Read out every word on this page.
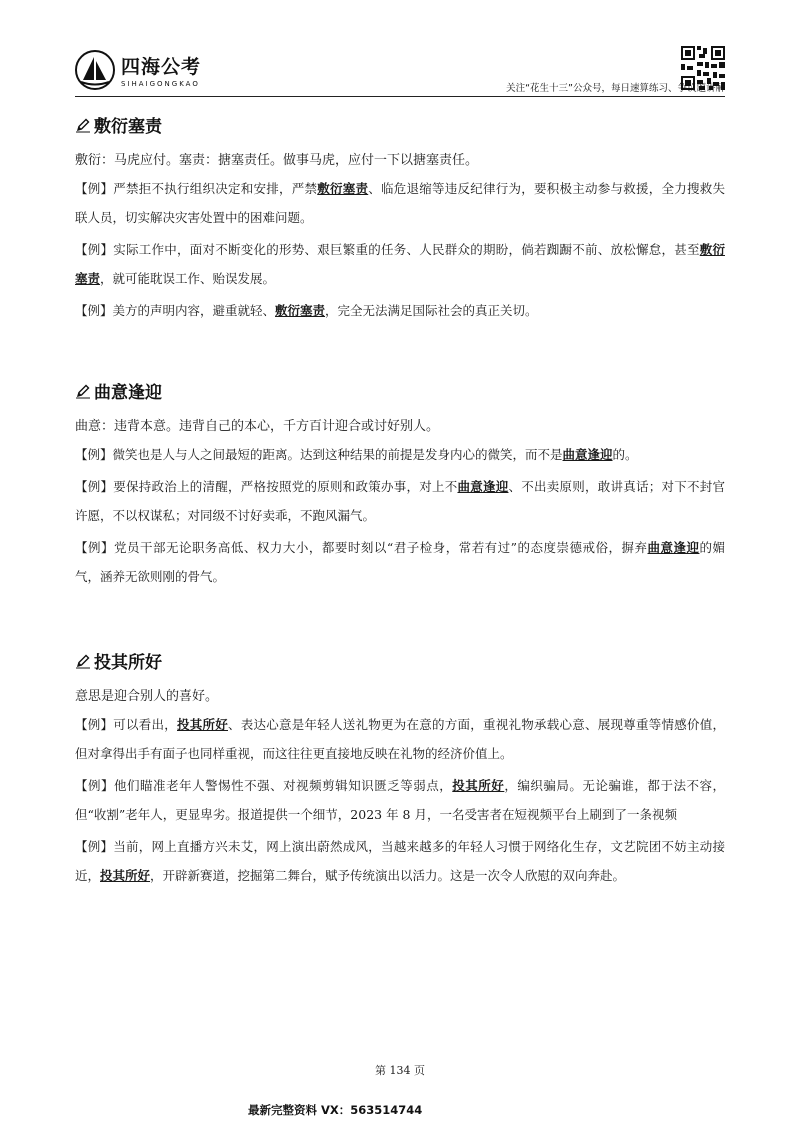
四海公考
SIHAIGONGKAO	关注“花生十三”公众号，每日速算练习、争议题讲解
敷衍塞责
敷衍：马虎应付。塞责：搪塞责任。做事马虎，应付一下以搪塞责任。
【例】严禁拒不执行组织决定和安排，严禁敷衍塞责、临危退缩等违反纪律行为，要积极主动参与救援，全力搜救失联人员，切实解决灾害处置中的困难问题。
【例】实际工作中，面对不断变化的形势、艰巨繁重的任务、人民群众的期盼，倘若踟蹰不前、放松懈怠，甚至敷衍塞责，就可能耽误工作、贻误发展。
【例】美方的声明内容，避重就轻、敷衍塞责，完全无法满足国际社会的真正关切。
曲意逢迎
曲意：违背本意。违背自己的本心，千方百计迎合或讨好别人。
【例】微笑也是人与人之间最短的距离。达到这种结果的前提是发身内心的微笑，而不是曲意逢迎的。
【例】要保持政治上的清醒，严格按照党的原则和政策办事，对上不曲意逢迎、不出卖原则，敢讲真话；对下不封官许愿，不以权谋私；对同级不讨好卖乖，不跑风漏气。
【例】党员干部无论职务高低、权力大小，都要时刻以“君子检身，常若有过”的态度崇德戒俗，摒弃曲意逢迎的媚气，涵养无欲则刚的骨气。
投其所好
意思是迎合别人的喜好。
【例】可以看出，投其所好、表达心意是年轻人送礼物更为在意的方面，重视礼物承载心意、展现尊重等情感价值，但对拿得出手有面子也同样重视，而这往往更直接地反映在礼物的经济价值上。
【例】他们瞄准老年人警惕性不强、对视频剪辑知识匮乏等弱点，投其所好，编织骗局。无论骗谁，都于法不容，但“收割”老年人，更显卑劣。报道提供一个细节，2023 年 8 月，一名受害者在短视频平台上刷到了一条视频
【例】当前，网上直播方兴未艾，网上演出蔚然成风，当越来越多的年轻人习惯于网络化生存，文艺院团不妨主动接近，投其所好，开辟新赛道，挖掘第二舞台，赋予传统演出以活力。这是一次令人欣慰的双向奔赴。
第 134 页
最新完整资料 VX：563514744
